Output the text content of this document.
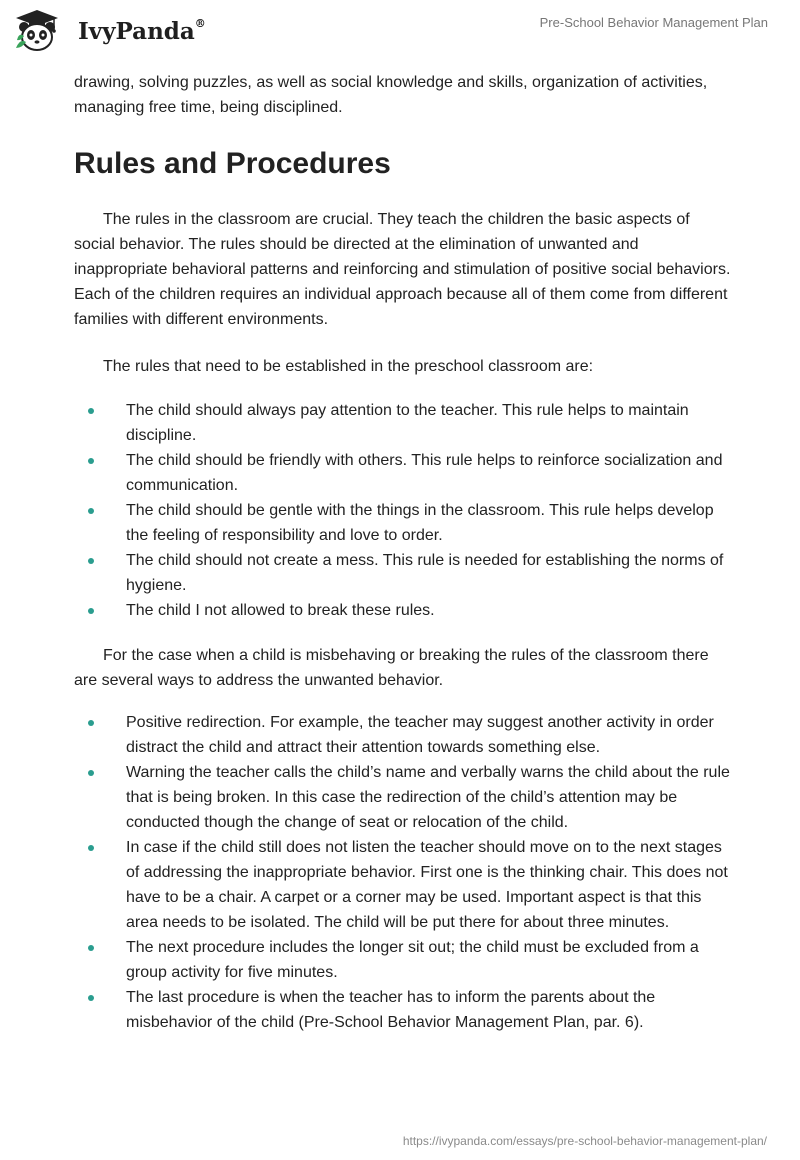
IvyPanda®	Pre-School Behavior Management Plan

drawing, solving puzzles, as well as social knowledge and skills, organization of activities, managing free time, being disciplined.

Rules and Procedures

The rules in the classroom are crucial. They teach the children the basic aspects of social behavior. The rules should be directed at the elimination of unwanted and inappropriate behavioral patterns and reinforcing and stimulation of positive social behaviors. Each of the children requires an individual approach because all of them come from different families with different environments.

The rules that need to be established in the preschool classroom are:

The child should always pay attention to the teacher. This rule helps to maintain discipline.
The child should be friendly with others. This rule helps to reinforce socialization and communication.
The child should be gentle with the things in the classroom. This rule helps develop the feeling of responsibility and love to order.
The child should not create a mess. This rule is needed for establishing the norms of hygiene.
The child I not allowed to break these rules.

For the case when a child is misbehaving or breaking the rules of the classroom there are several ways to address the unwanted behavior.

Positive redirection. For example, the teacher may suggest another activity in order distract the child and attract their attention towards something else.
Warning the teacher calls the child’s name and verbally warns the child about the rule that is being broken. In this case the redirection of the child’s attention may be conducted though the change of seat or relocation of the child.
In case if the child still does not listen the teacher should move on to the next stages of addressing the inappropriate behavior. First one is the thinking chair. This does not have to be a chair. A carpet or a corner may be used. Important aspect is that this area needs to be isolated. The child will be put there for about three minutes.
The next procedure includes the longer sit out; the child must be excluded from a group activity for five minutes.
The last procedure is when the teacher has to inform the parents about the misbehavior of the child (Pre-School Behavior Management Plan, par. 6).
https://ivypanda.com/essays/pre-school-behavior-management-plan/
